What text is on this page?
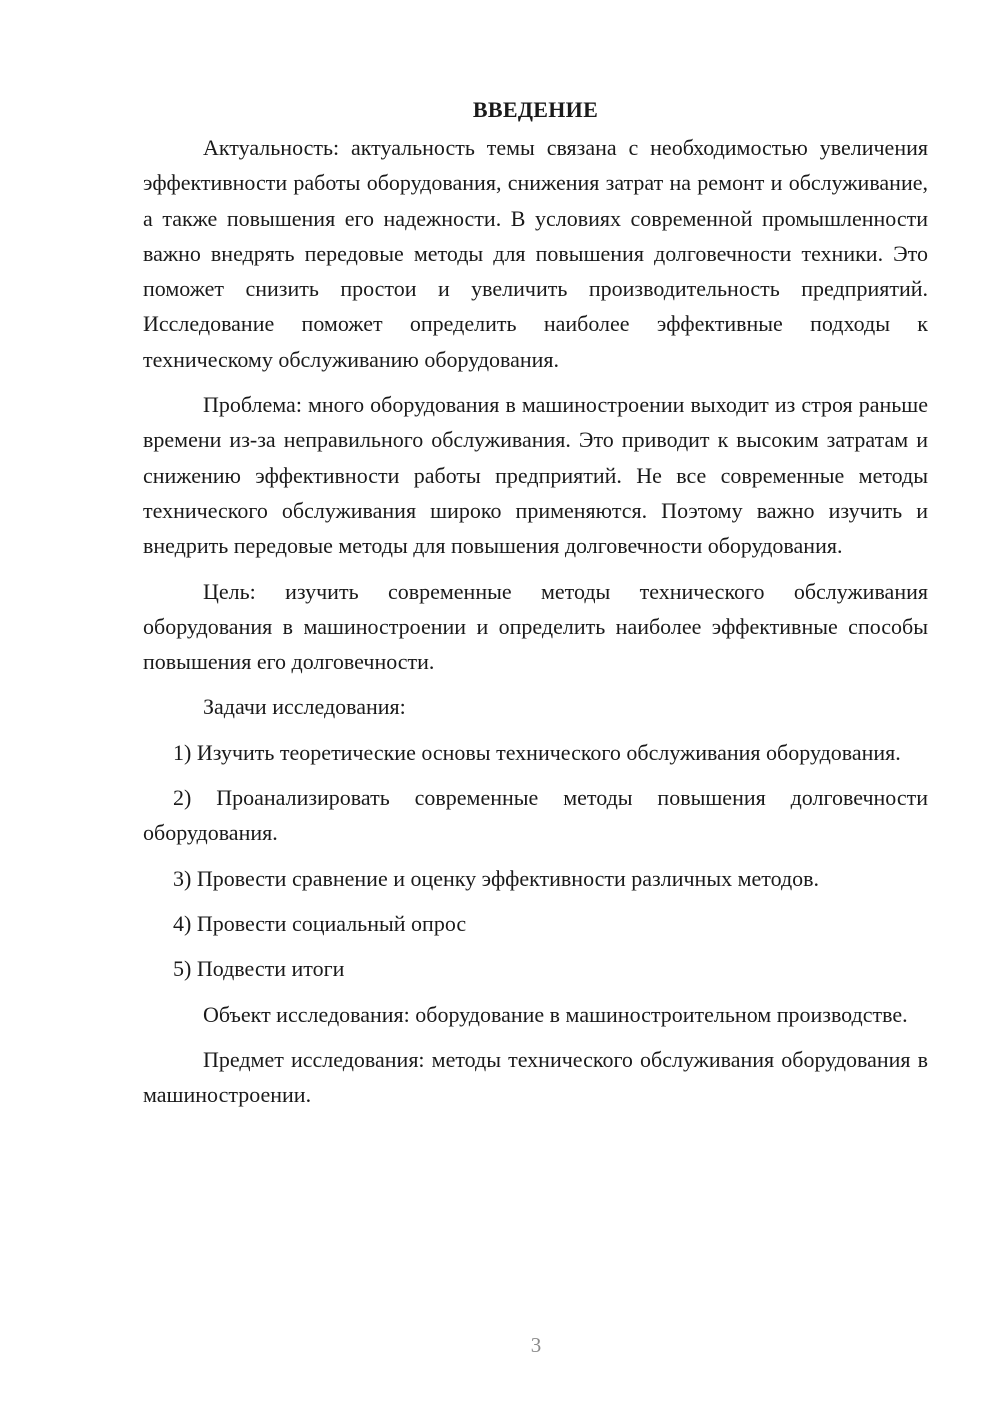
ВВЕДЕНИЕ

Актуальность: актуальность темы связана с необходимостью увеличения эффективности работы оборудования, снижения затрат на ремонт и обслуживание, а также повышения его надежности. В условиях современной промышленности важно внедрять передовые методы для повышения долговечности техники. Это поможет снизить простои и увеличить производительность предприятий. Исследование поможет определить наиболее эффективные подходы к техническому обслуживанию оборудования.

Проблема: много оборудования в машиностроении выходит из строя раньше времени из-за неправильного обслуживания. Это приводит к высоким затратам и снижению эффективности работы предприятий. Не все современные методы технического обслуживания широко применяются. Поэтому важно изучить и внедрить передовые методы для повышения долговечности оборудования.

Цель: изучить современные методы технического обслуживания оборудования в машиностроении и определить наиболее эффективные способы повышения его долговечности.

Задачи исследования:

1) Изучить теоретические основы технического обслуживания оборудования.

2) Проанализировать современные методы повышения долговечности оборудования.

3) Провести сравнение и оценку эффективности различных методов.

4) Провести социальный опрос

5) Подвести итоги

Объект исследования: оборудование в машиностроительном производстве.

Предмет исследования: методы технического обслуживания оборудования в машиностроении.

3
